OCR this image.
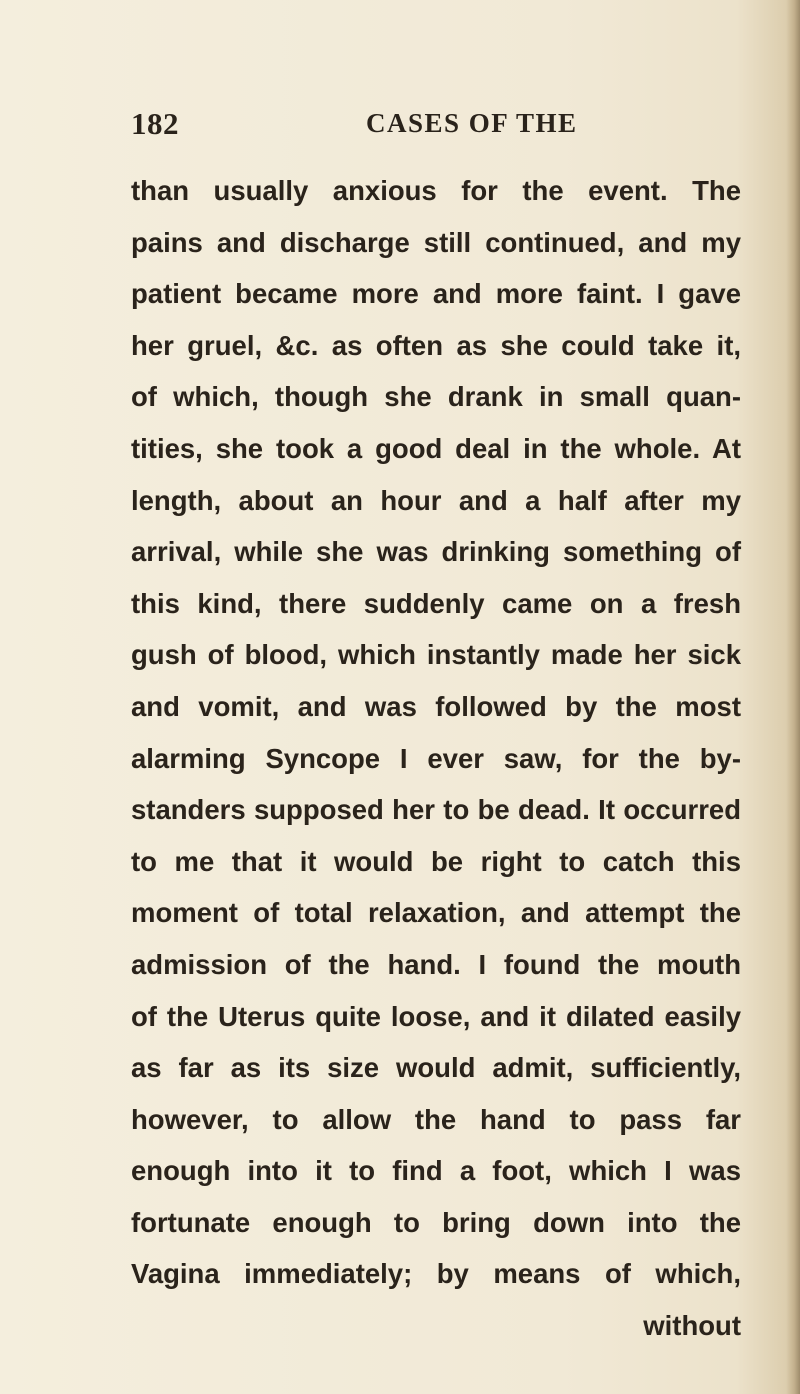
182	CASES OF THE
than usually anxious for the event. The
pains and discharge still continued, and my
patient became more and more faint. I gave
her gruel, &c. as often as she could take it,
of which, though she drank in small quan-
tities, she took a good deal in the whole. At
length, about an hour and a half after my
arrival, while she was drinking something of
this kind, there suddenly came on a fresh
gush of blood, which instantly made her sick
and vomit, and was followed by the most
alarming Syncope I ever saw, for the by-
standers supposed her to be dead. It occurred
to me that it would be right to catch this
moment of total relaxation, and attempt the
admission of the hand. I found the mouth
of the Uterus quite loose, and it dilated easily
as far as its size would admit, sufficiently,
however, to allow the hand to pass far
enough into it to find a foot, which I was
fortunate enough to bring down into the
Vagina immediately; by means of which,
without
